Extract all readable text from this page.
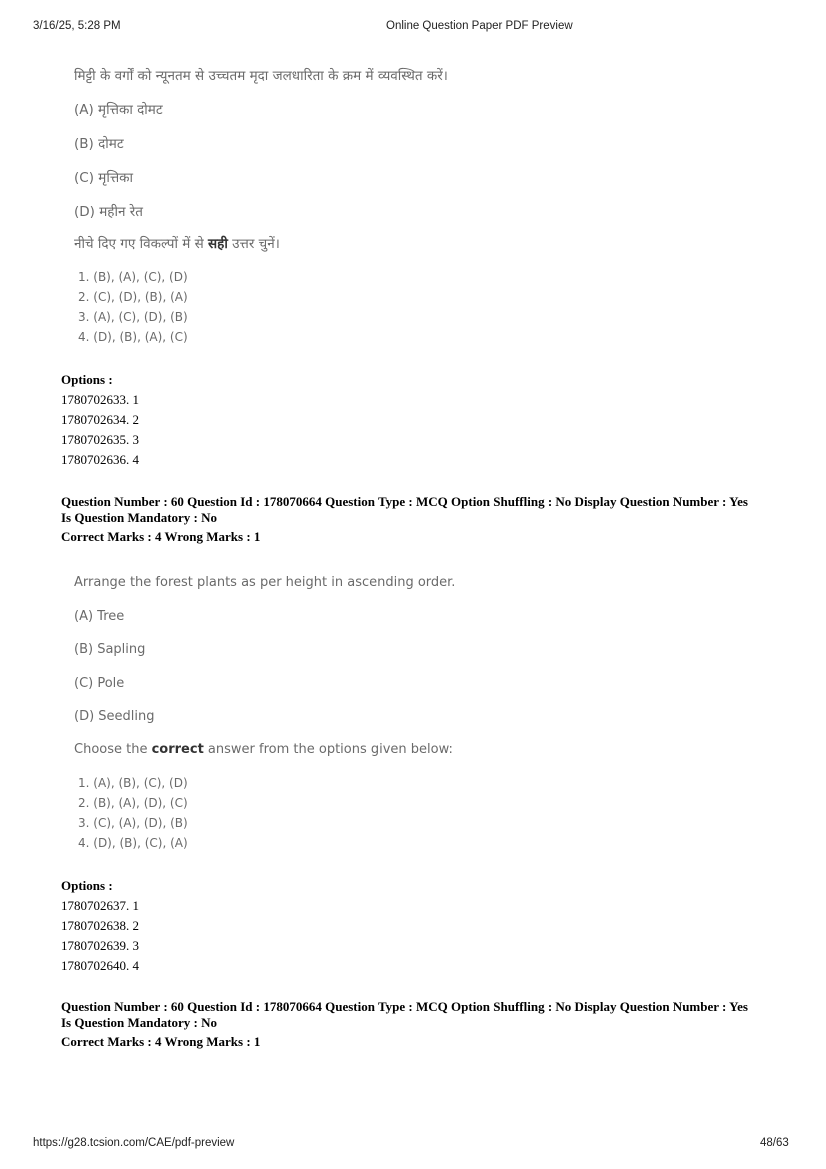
3/16/25, 5:28 PM	Online Question Paper PDF Preview
मिट्टी के वर्गों को न्यूनतम से उच्चतम मृदा जलधारिता के क्रम में व्यवस्थित करें।
(A) मृत्तिका दोमट
(B) दोमट
(C) मृत्तिका
(D) महीन रेत
नीचे दिए गए विकल्पों में से सही उत्तर चुनें।
1. (B), (A), (C), (D)
2. (C), (D), (B), (A)
3. (A), (C), (D), (B)
4. (D), (B), (A), (C)
Options :
1780702633. 1
1780702634. 2
1780702635. 3
1780702636. 4
Question Number : 60 Question Id : 178070664 Question Type : MCQ Option Shuffling : No Display Question Number : Yes
Is Question Mandatory : No
Correct Marks : 4 Wrong Marks : 1
Arrange the forest plants as per height in ascending order.
(A) Tree
(B) Sapling
(C) Pole
(D) Seedling
Choose the correct answer from the options given below:
1. (A), (B), (C), (D)
2. (B), (A), (D), (C)
3. (C), (A), (D), (B)
4. (D), (B), (C), (A)
Options :
1780702637. 1
1780702638. 2
1780702639. 3
1780702640. 4
Question Number : 60 Question Id : 178070664 Question Type : MCQ Option Shuffling : No Display Question Number : Yes
Is Question Mandatory : No
Correct Marks : 4 Wrong Marks : 1
https://g28.tcsion.com/CAE/pdf-preview	48/63
